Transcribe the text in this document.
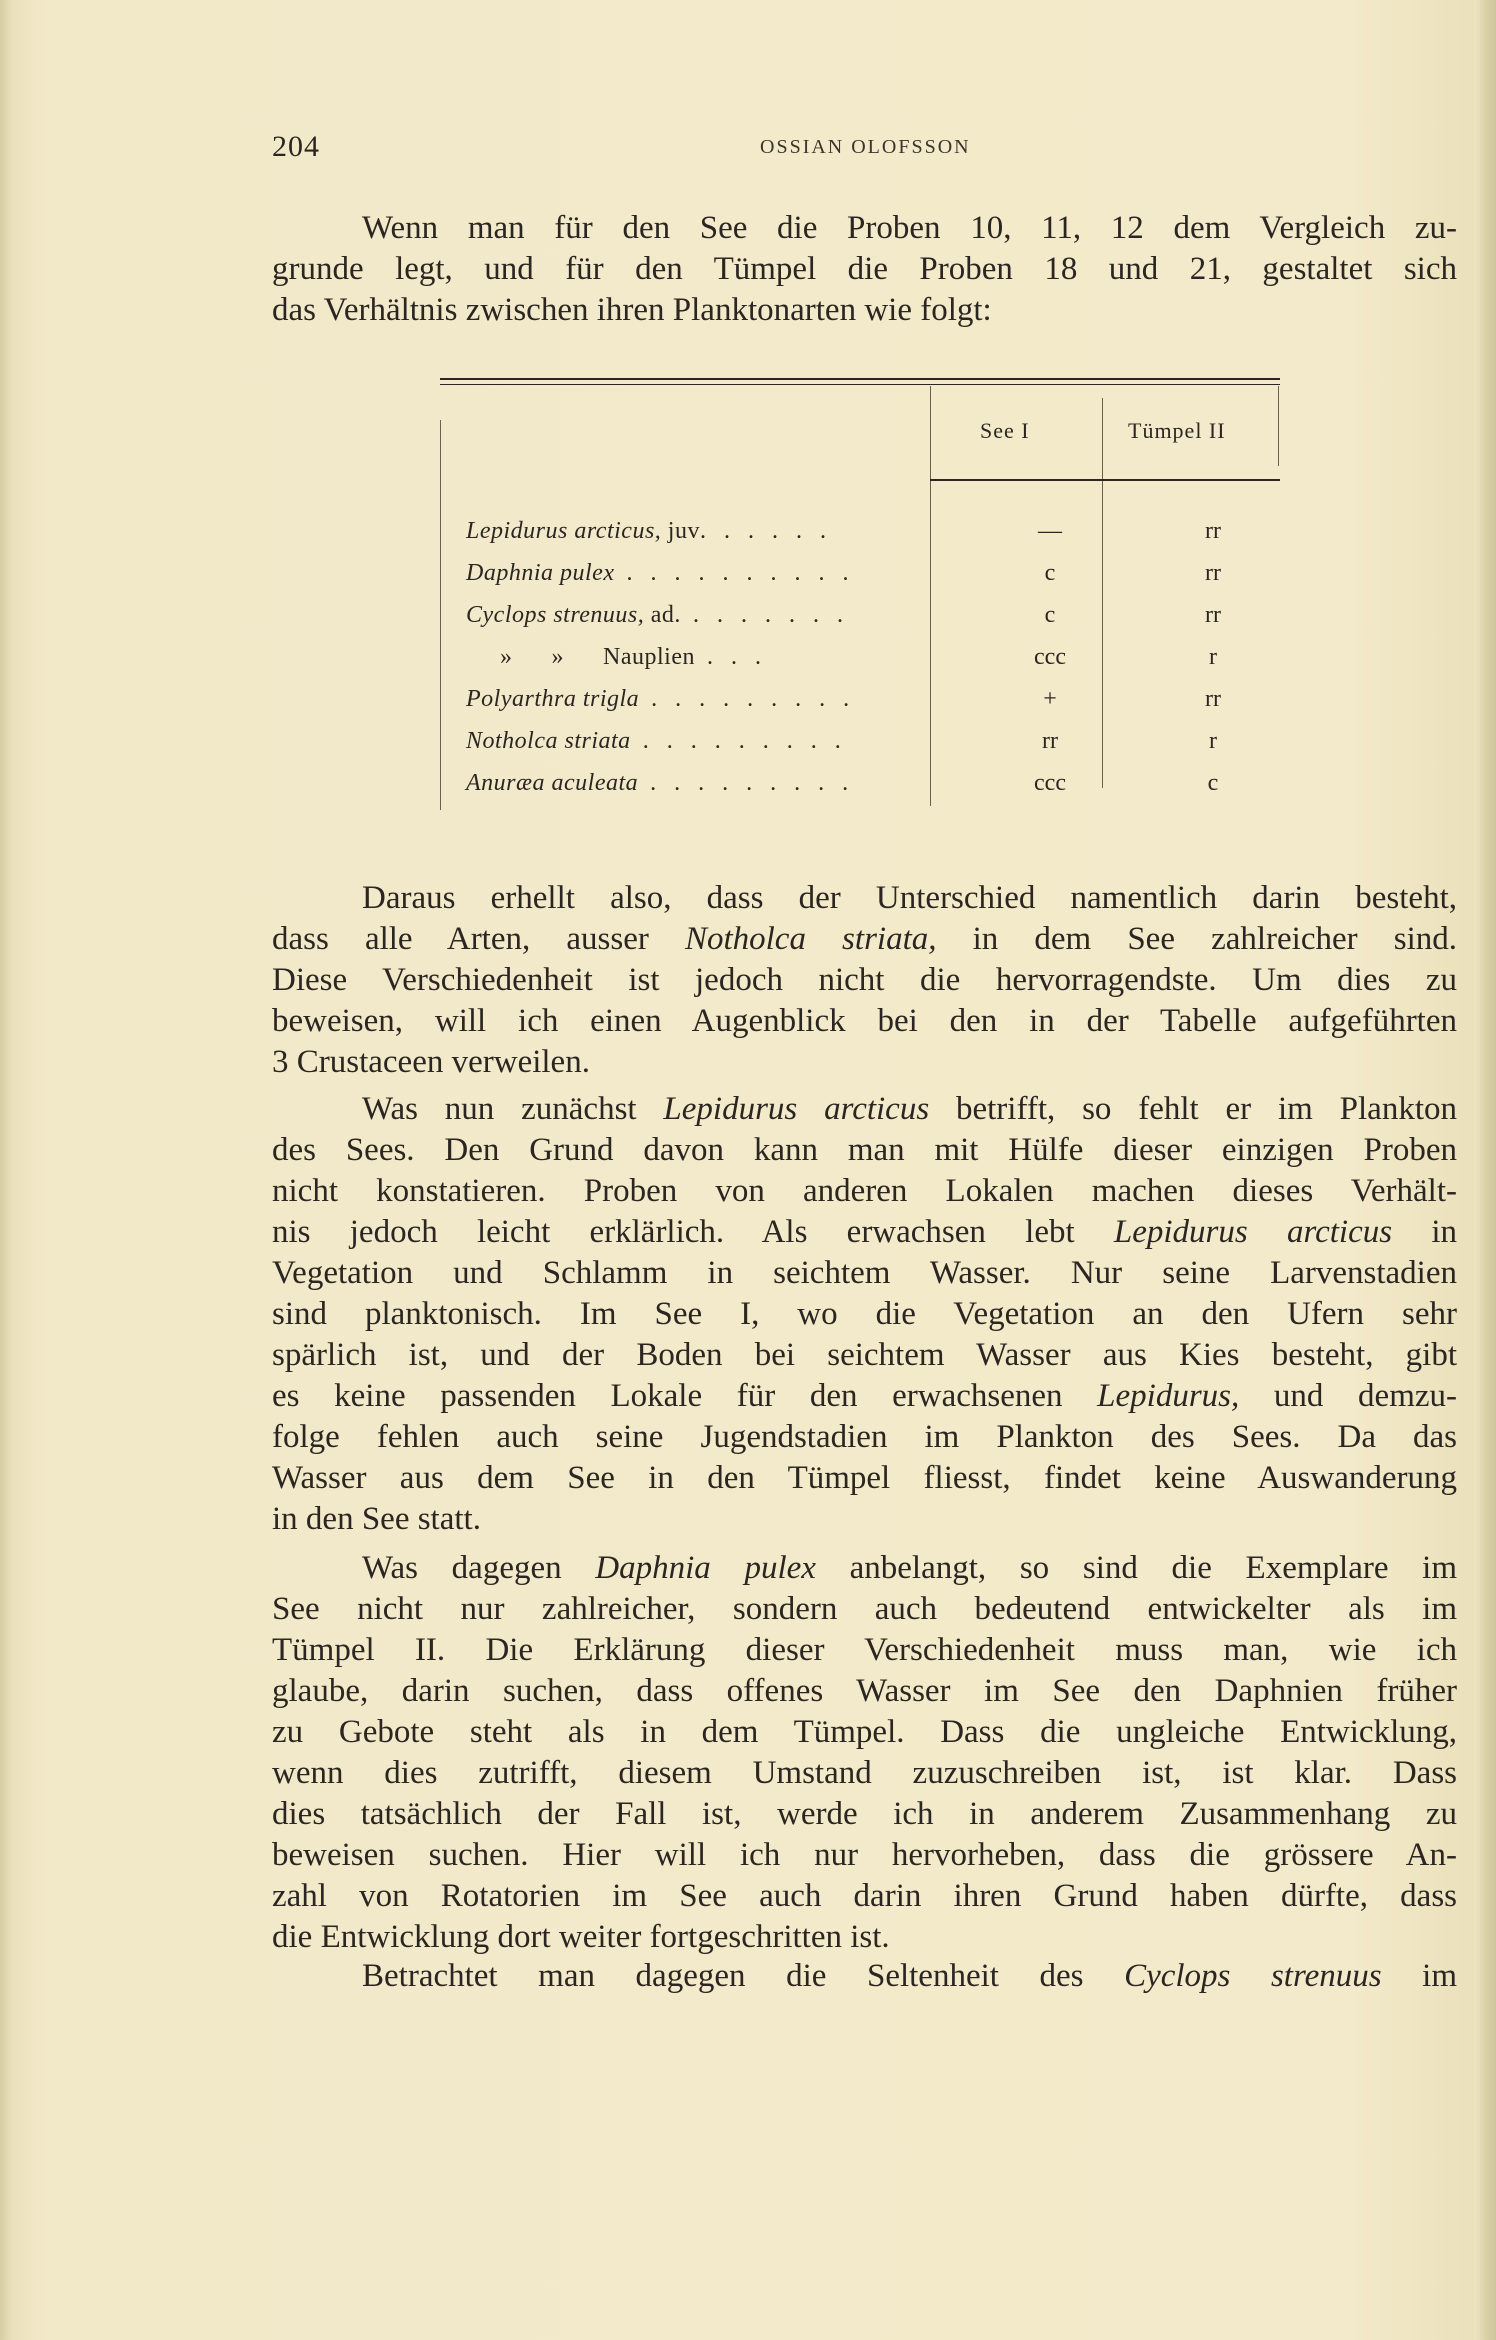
204	OSSIAN OLOFSSON
Wenn man für den See die Proben 10, 11, 12 dem Vergleich zu-
grunde legt, und für den Tümpel die Proben 18 und 21, gestaltet sich
das Verhältnis zwischen ihren Planktonarten wie folgt:
See I	Tümpel II
Lepidurus arcticus, juv. . . . . .	—	rr
Daphnia pulex . . . . . . . . . .	c	rr
Cyclops strenuus, ad. . . . . . . .	c	rr
»      »      Nauplien . . .	ccc	r
Polyarthra trigla . . . . . . . . .	+	rr
Notholca striata . . . . . . . . .	rr	r
Anuræa aculeata . . . . . . . . .	ccc	c
Daraus erhellt also, dass der Unterschied namentlich darin besteht,
dass alle Arten, ausser Notholca striata, in dem See zahlreicher sind.
Diese Verschiedenheit ist jedoch nicht die hervorragendste. Um dies zu
beweisen, will ich einen Augenblick bei den in der Tabelle aufgeführten
3 Crustaceen verweilen.
Was nun zunächst Lepidurus arcticus betrifft, so fehlt er im Plankton
des Sees. Den Grund davon kann man mit Hülfe dieser einzigen Proben
nicht konstatieren. Proben von anderen Lokalen machen dieses Verhält-
nis jedoch leicht erklärlich. Als erwachsen lebt Lepidurus arcticus in
Vegetation und Schlamm in seichtem Wasser. Nur seine Larvenstadien
sind planktonisch. Im See I, wo die Vegetation an den Ufern sehr
spärlich ist, und der Boden bei seichtem Wasser aus Kies besteht, gibt
es keine passenden Lokale für den erwachsenen Lepidurus, und demzu-
folge fehlen auch seine Jugendstadien im Plankton des Sees. Da das
Wasser aus dem See in den Tümpel fliesst, findet keine Auswanderung
in den See statt.
Was dagegen Daphnia pulex anbelangt, so sind die Exemplare im
See nicht nur zahlreicher, sondern auch bedeutend entwickelter als im
Tümpel II. Die Erklärung dieser Verschiedenheit muss man, wie ich
glaube, darin suchen, dass offenes Wasser im See den Daphnien früher
zu Gebote steht als in dem Tümpel. Dass die ungleiche Entwicklung,
wenn dies zutrifft, diesem Umstand zuzuschreiben ist, ist klar. Dass
dies tatsächlich der Fall ist, werde ich in anderem Zusammenhang zu
beweisen suchen. Hier will ich nur hervorheben, dass die grössere An-
zahl von Rotatorien im See auch darin ihren Grund haben dürfte, dass
die Entwicklung dort weiter fortgeschritten ist.
Betrachtet man dagegen die Seltenheit des Cyclops strenuus im
